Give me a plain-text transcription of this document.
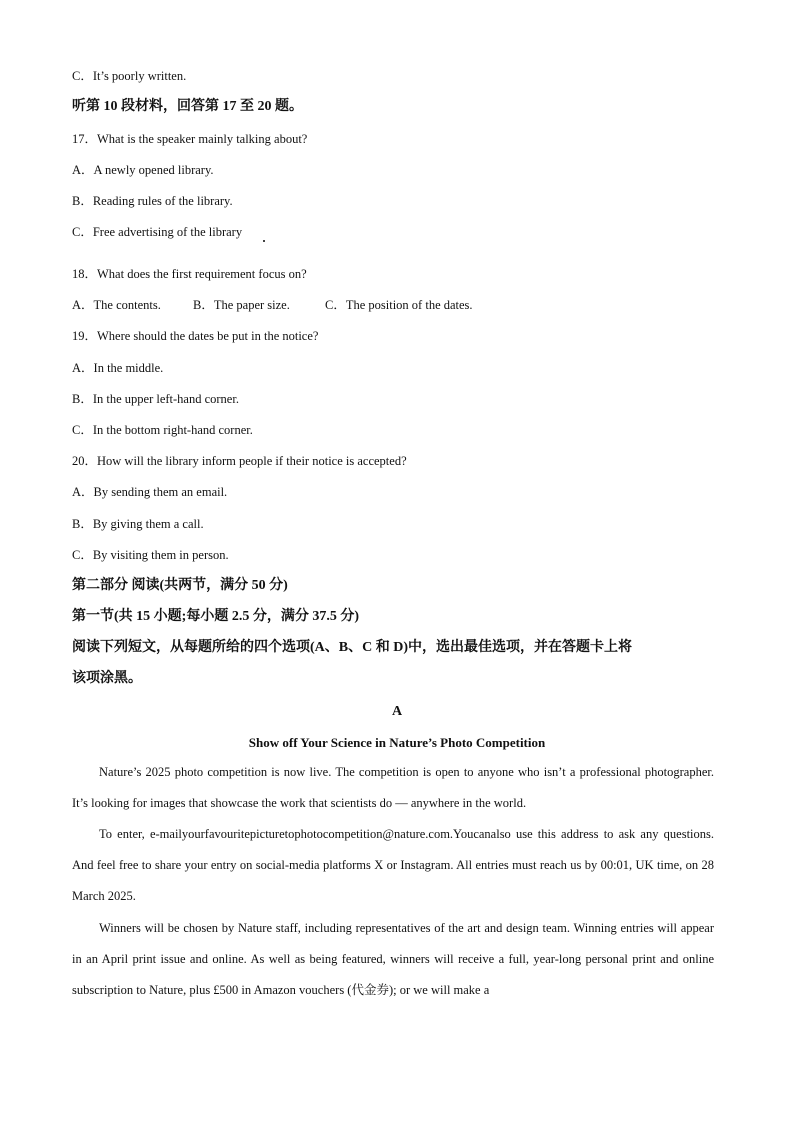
C．It’s poorly written.
听第 10 段材料，回答第 17 至 20 题。
17．What is the speaker mainly talking about?
A．A newly opened library.
B．Reading rules of the library.
C．Free advertising of the library
18．What does the first requirement focus on?
A．The contents.	B．The paper size.	C．The position of the dates.
19．Where should the dates be put in the notice?
A．In the middle.
B．In the upper left-hand corner.
C．In the bottom right-hand corner.
20．How will the library inform people if their notice is accepted?
A．By sending them an email.
B．By giving them a call.
C．By visiting them in person.
第二部分 阅读(共两节，满分 50 分)
第一节(共 15 小题;每小题 2.5 分，满分 37.5 分)
阅读下列短文，从每题所给的四个选项(A、B、C 和 D)中，选出最佳选项，并在答题卡上将
该项涂黑。
A
Show off Your Science in Nature’s Photo Competition

Nature’s 2025 photo competition is now live. The competition is open to anyone who isn’t a professional photographer. It’s looking for images that showcase the work that scientists do — anywhere in the world.

To enter, e-mailyourfavouritepicturetophotocompetition@nature.com.Youcanalso use this address to ask any questions. And feel free to share your entry on social-media platforms X or Instagram. All entries must reach us by 00:01, UK time, on 28 March 2025.

Winners will be chosen by Nature staff, including representatives of the art and design team. Winning entries will appear in an April print issue and online. As well as being featured, winners will receive a full, year-long personal print and online subscription to Nature, plus £500 in Amazon vouchers (代金券); or we will make a
